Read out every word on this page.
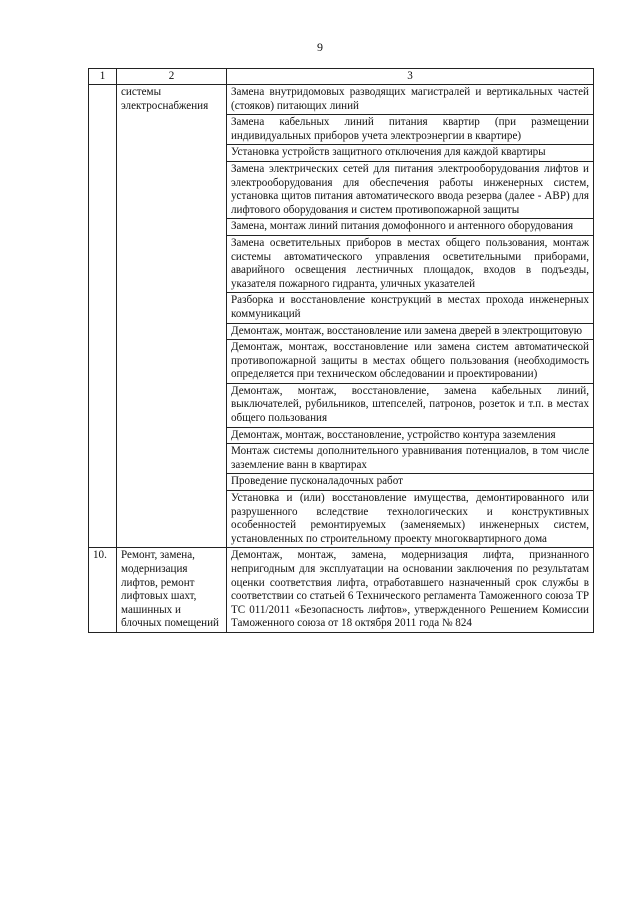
9
1	2	3
	системы электроснабжения	Замена внутридомовых разводящих магистралей и вертикальных частей (стояков) питающих линий
		Замена кабельных линий питания квартир (при размещении индивидуальных приборов учета электроэнергии в квартире)
		Установка устройств защитного отключения для каждой квартиры
		Замена электрических сетей для питания электрооборудования лифтов и электрооборудования для обеспечения работы инженерных систем, установка щитов питания автоматического ввода резерва (далее - АВР) для лифтового оборудования и систем противопожарной защиты
		Замена, монтаж линий питания домофонного и антенного оборудования
		Замена осветительных приборов в местах общего пользования, монтаж системы автоматического управления осветительными приборами, аварийного освещения лестничных площадок, входов в подъезды, указателя пожарного гидранта, уличных указателей
		Разборка и восстановление конструкций в местах прохода инженерных коммуникаций
		Демонтаж, монтаж, восстановление или замена дверей в электрощитовую
		Демонтаж, монтаж, восстановление или замена систем автоматической противопожарной защиты в местах общего пользования (необходимость определяется при техническом обследовании и проектировании)
		Демонтаж, монтаж, восстановление, замена кабельных линий, выключателей, рубильников, штепселей, патронов, розеток и т.п. в местах общего пользования
		Демонтаж, монтаж, восстановление, устройство контура заземления
		Монтаж системы дополнительного уравнивания потенциалов, в том числе заземление ванн в квартирах
		Проведение пусконаладочных работ
		Установка и (или) восстановление имущества, демонтированного или разрушенного вследствие технологических и конструктивных особенностей ремонтируемых (заменяемых) инженерных систем, установленных по строительному проекту многоквартирного дома
10.	Ремонт, замена, модернизация лифтов, ремонт лифтовых шахт, машинных и блочных помещений	Демонтаж, монтаж, замена, модернизация лифта, признанного непригодным для эксплуатации на основании заключения по результатам оценки соответствия лифта, отработавшего назначенный срок службы в соответствии со статьей 6 Технического регламента Таможенного союза ТР ТС 011/2011 «Безопасность лифтов», утвержденного Решением Комиссии Таможенного союза от 18 октября 2011 года № 824
